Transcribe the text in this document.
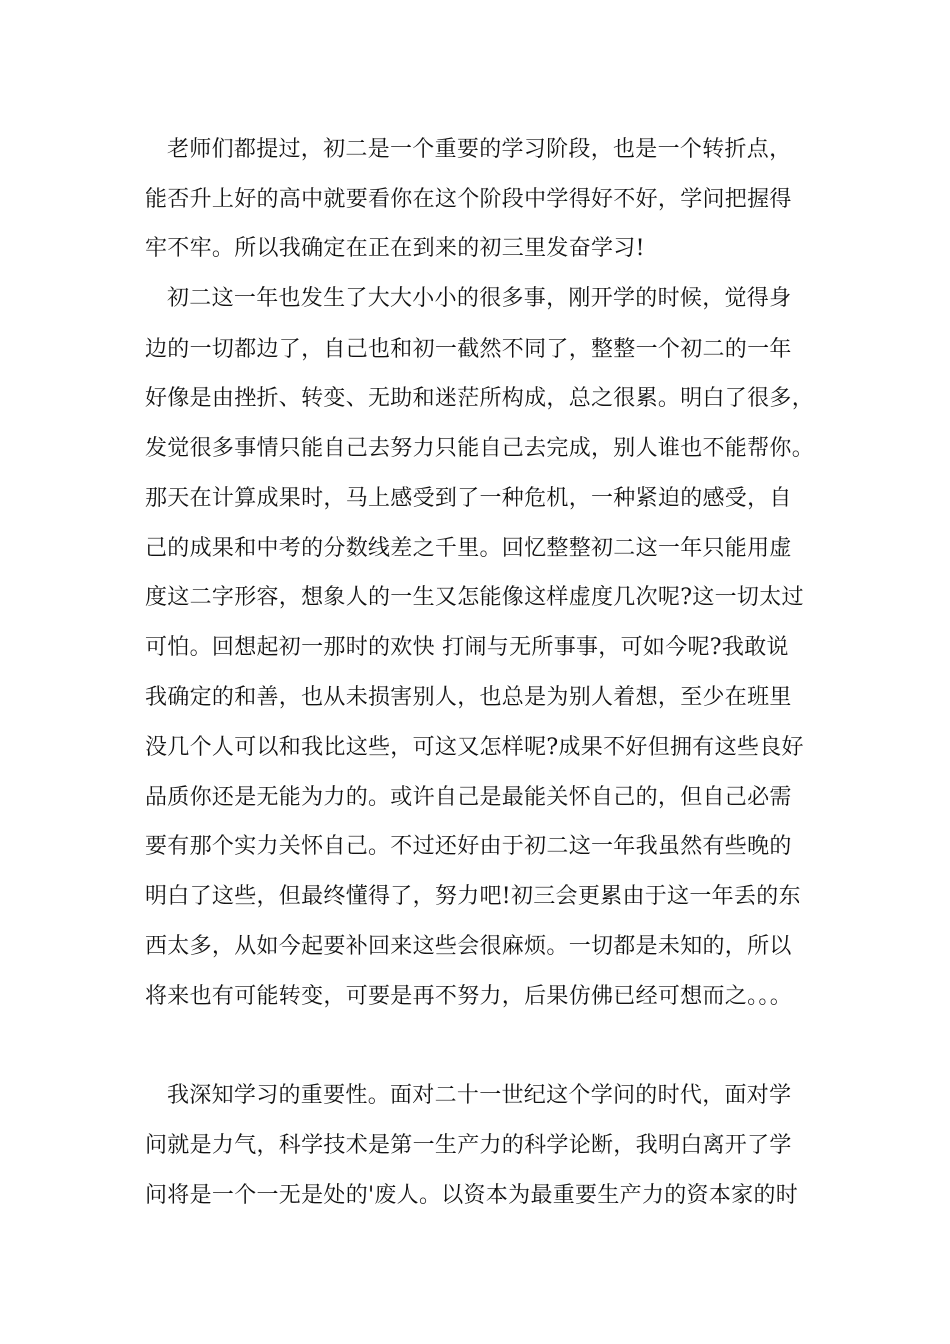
老师们都提过，初二是一个重要的学习阶段，也是一个转折点，
能否升上好的高中就要看你在这个阶段中学得好不好，学问把握得
牢不牢。所以我确定在正在到来的初三里发奋学习!
初二这一年也发生了大大小小的很多事，刚开学的时候，觉得身
边的一切都边了，自己也和初一截然不同了，整整一个初二的一年
好像是由挫折、转变、无助和迷茫所构成，总之很累。明白了很多，
发觉很多事情只能自己去努力只能自己去完成，别人谁也不能帮你。
那天在计算成果时，马上感受到了一种危机，一种紧迫的感受，自
己的成果和中考的分数线差之千里。回忆整整初二这一年只能用虚
度这二字形容，想象人的一生又怎能像这样虚度几次呢?这一切太过
可怕。回想起初一那时的欢快 打闹与无所事事，可如今呢?我敢说
我确定的和善，也从未损害别人，也总是为别人着想，至少在班里
没几个人可以和我比这些，可这又怎样呢?成果不好但拥有这些良好
品质你还是无能为力的。或许自己是最能关怀自己的，但自己必需
要有那个实力关怀自己。不过还好由于初二这一年我虽然有些晚的
明白了这些，但最终懂得了，努力吧!初三会更累由于这一年丢的东
西太多，从如今起要补回来这些会很麻烦。一切都是未知的，所以
将来也有可能转变，可要是再不努力，后果仿佛已经可想而之。。。
我深知学习的重要性。面对二十一世纪这个学问的时代，面对学
问就是力气，科学技术是第一生产力的科学论断，我明白离开了学
问将是一个一无是处的'废人。以资本为最重要生产力的资本家的时
